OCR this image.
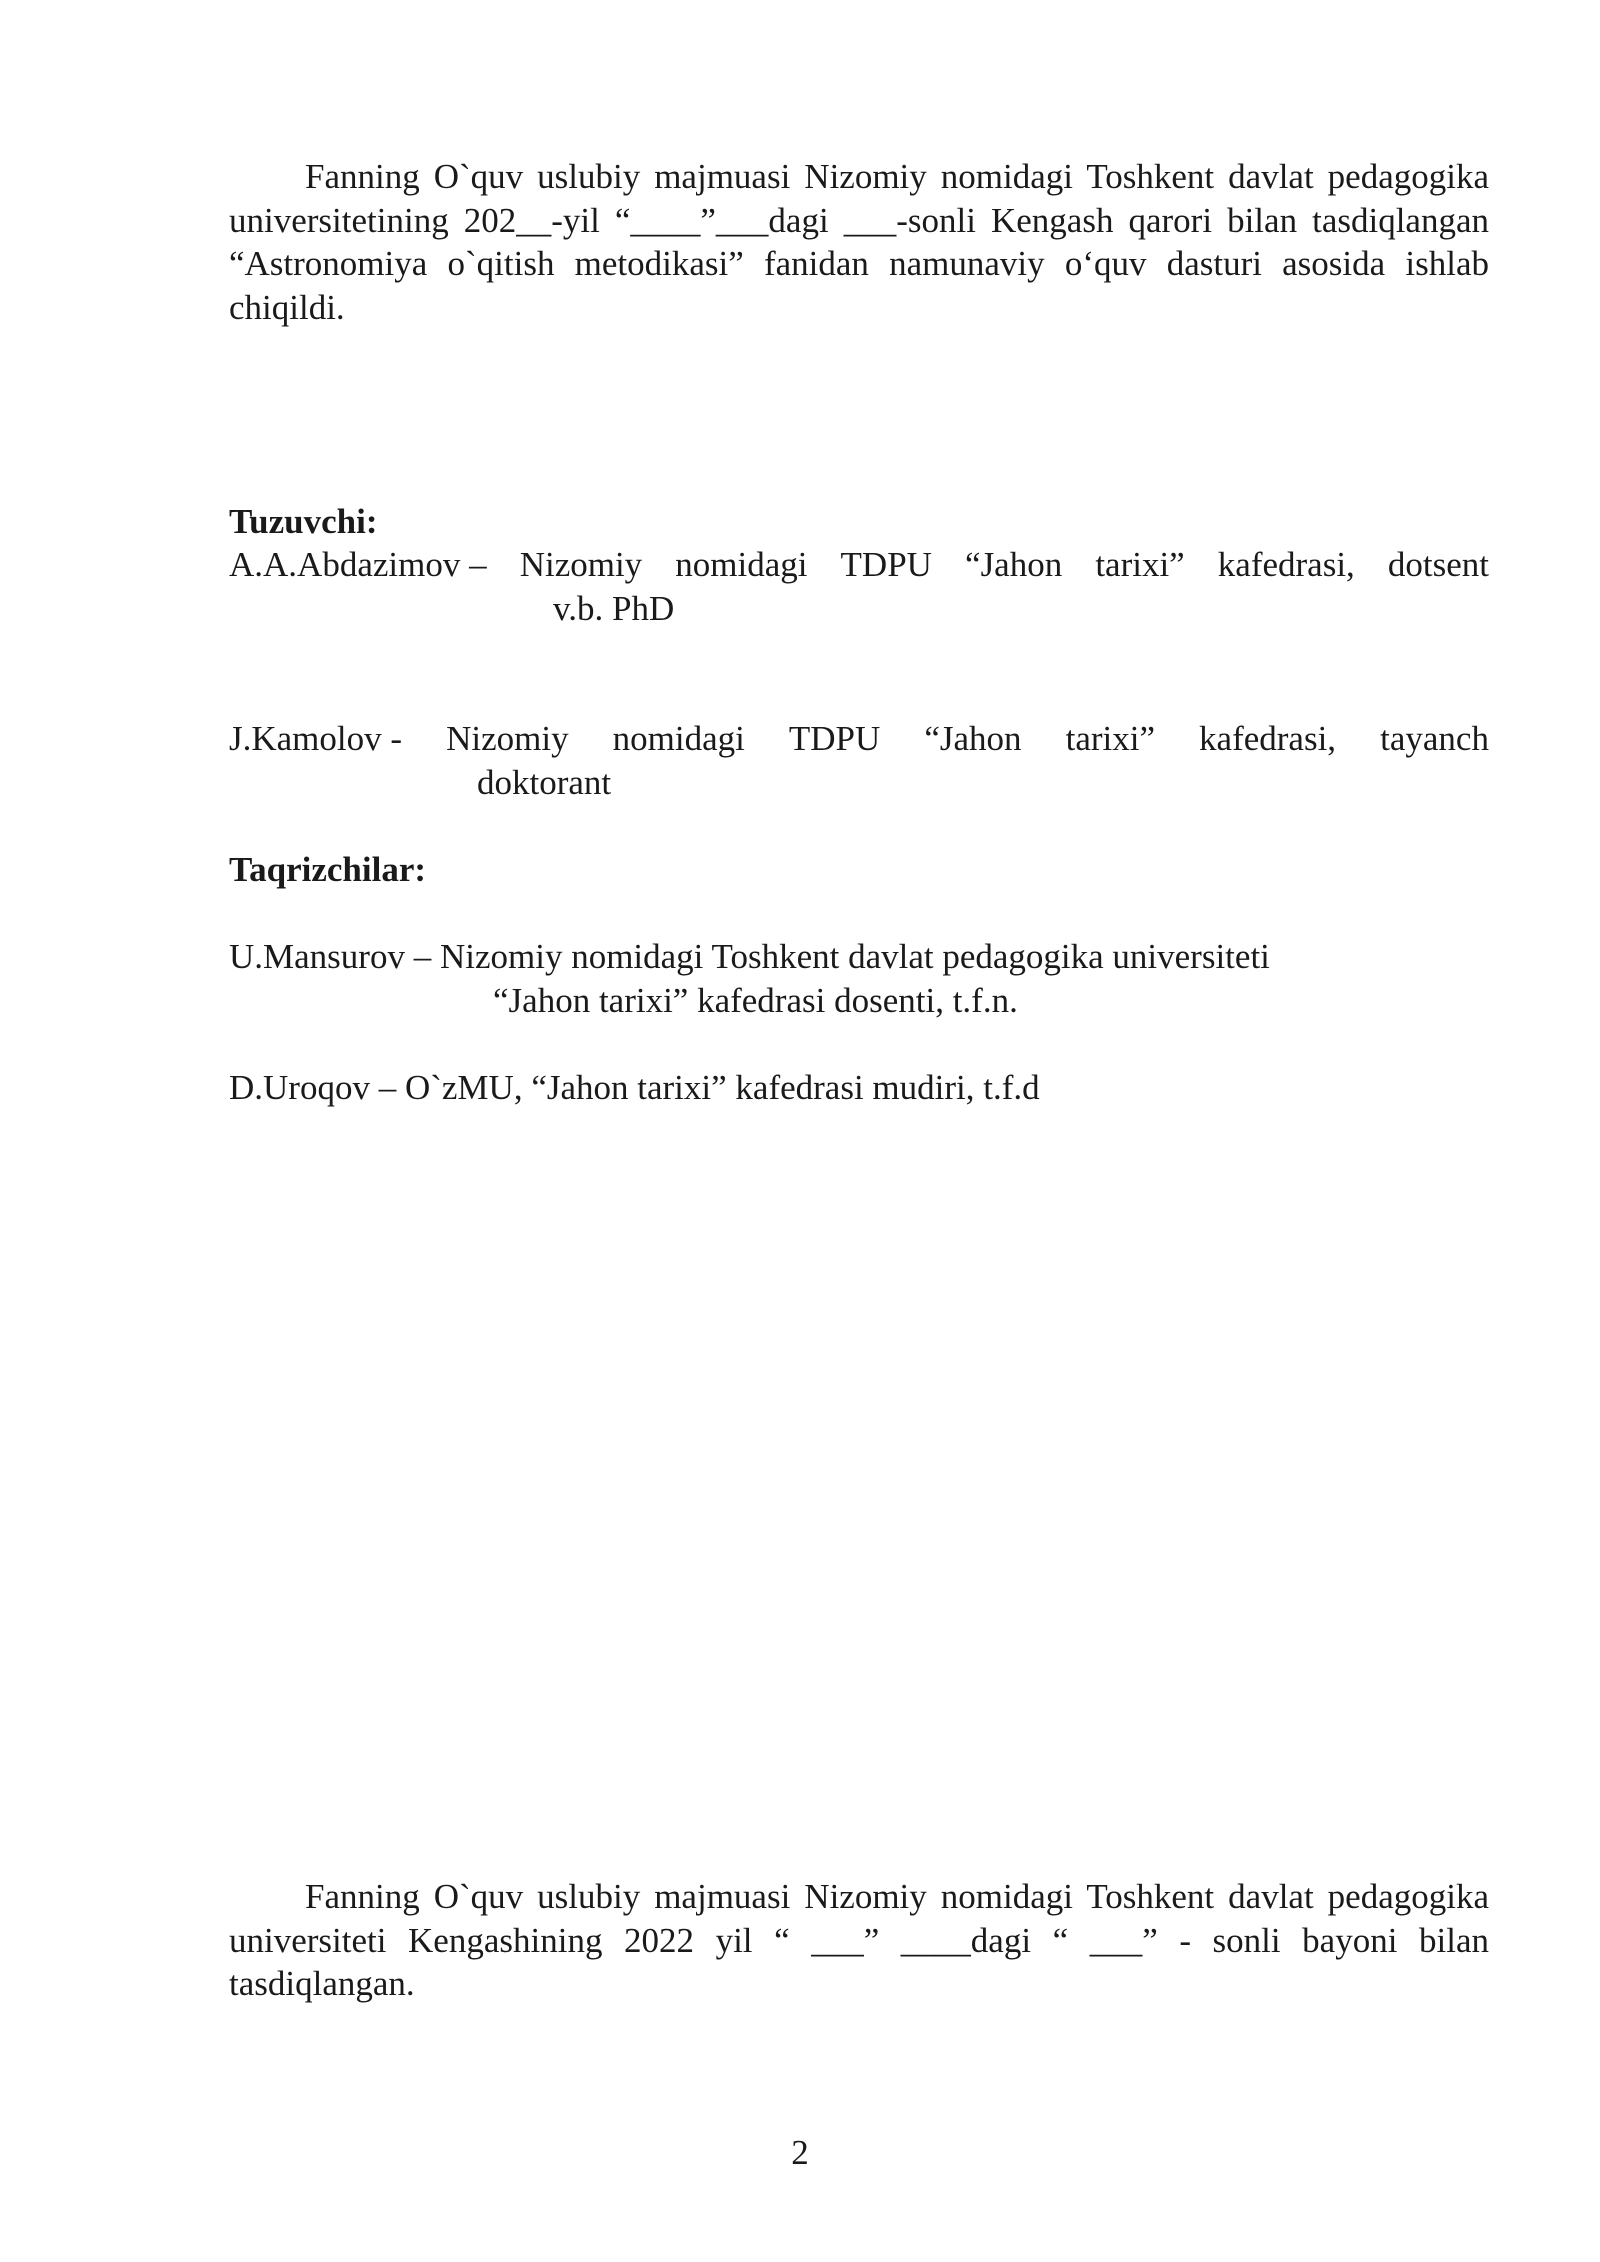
Fanning O`quv uslubiy majmuasi Nizomiy nomidagi Toshkent davlat pedagogika universitetining 202__-yil “____”___dagi ___-sonli Kengash qarori bilan tasdiqlangan “Astronomiya o`qitish metodikasi” fanidan namunaviy o‘quv dasturi asosida ishlab chiqildi.

Tuzuvchi:

A.A.Abdazimov – Nizomiy nomidagi TDPU “Jahon tarixi” kafedrasi, dotsent
v.b. PhD
J.Kamolov - Nizomiy nomidagi TDPU “Jahon tarixi” kafedrasi, tayanch
doktorant

Taqrizchilar:

U.Mansurov – Nizomiy nomidagi Toshkent davlat pedagogika universiteti
“Jahon tarixi” kafedrasi dosenti, t.f.n.
D.Uroqov – O`zMU, “Jahon tarixi” kafedrasi mudiri, t.f.d

Fanning O`quv uslubiy majmuasi Nizomiy nomidagi Toshkent davlat pedagogika universiteti Kengashining 2022 yil “ ___” ____dagi “ ___” - sonli bayoni bilan tasdiqlangan.

2
